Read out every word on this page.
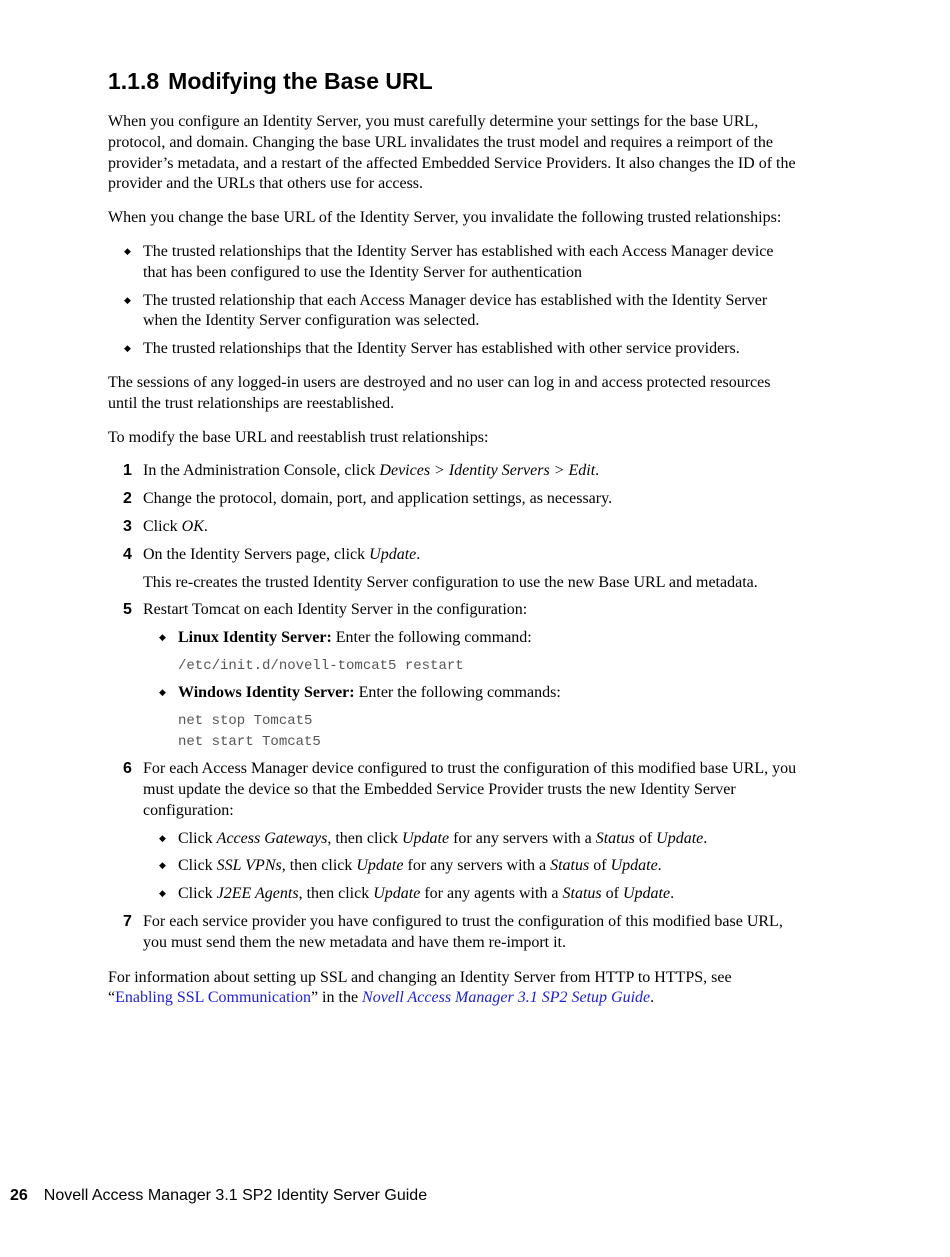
1.1.8 Modifying the Base URL

When you configure an Identity Server, you must carefully determine your settings for the base URL, protocol, and domain. Changing the base URL invalidates the trust model and requires a reimport of the provider’s metadata, and a restart of the affected Embedded Service Providers. It also changes the ID of the provider and the URLs that others use for access.

When you change the base URL of the Identity Server, you invalidate the following trusted relationships:

◆ The trusted relationships that the Identity Server has established with each Access Manager device that has been configured to use the Identity Server for authentication
◆ The trusted relationship that each Access Manager device has established with the Identity Server when the Identity Server configuration was selected.
◆ The trusted relationships that the Identity Server has established with other service providers.

The sessions of any logged-in users are destroyed and no user can log in and access protected resources until the trust relationships are reestablished.

To modify the base URL and reestablish trust relationships:

1 In the Administration Console, click Devices > Identity Servers > Edit.
2 Change the protocol, domain, port, and application settings, as necessary.
3 Click OK.
4 On the Identity Servers page, click Update.
This re-creates the trusted Identity Server configuration to use the new Base URL and metadata.
5 Restart Tomcat on each Identity Server in the configuration:
◆ Linux Identity Server: Enter the following command:
/etc/init.d/novell-tomcat5 restart
◆ Windows Identity Server: Enter the following commands:
net stop Tomcat5
net start Tomcat5
6 For each Access Manager device configured to trust the configuration of this modified base URL, you must update the device so that the Embedded Service Provider trusts the new Identity Server configuration:
◆ Click Access Gateways, then click Update for any servers with a Status of Update.
◆ Click SSL VPNs, then click Update for any servers with a Status of Update.
◆ Click J2EE Agents, then click Update for any agents with a Status of Update.
7 For each service provider you have configured to trust the configuration of this modified base URL, you must send them the new metadata and have them re-import it.

For information about setting up SSL and changing an Identity Server from HTTP to HTTPS, see “Enabling SSL Communication” in the Novell Access Manager 3.1 SP2 Setup Guide.

26 Novell Access Manager 3.1 SP2 Identity Server Guide
